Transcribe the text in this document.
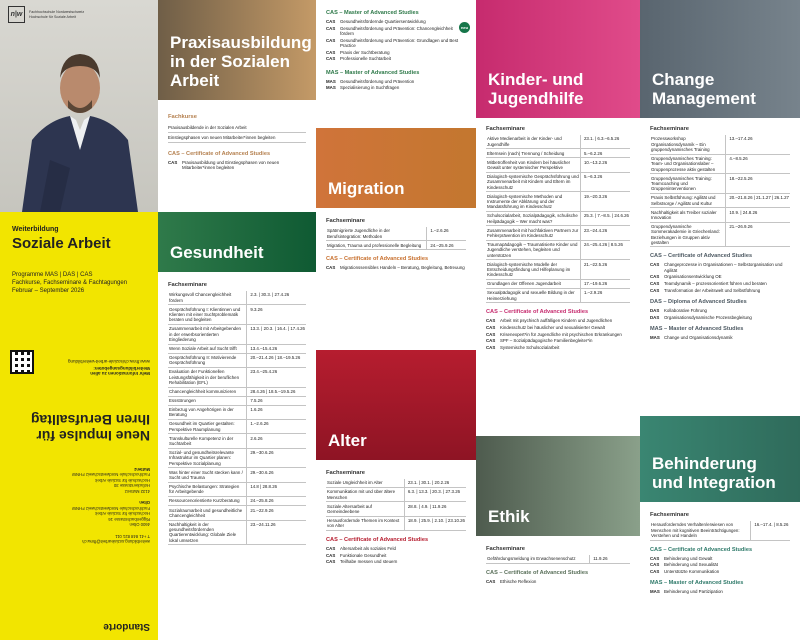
n|w	Fachhochschule Nordwestschweiz
Hochschule für Soziale Arbeit
Weiterbildung
Soziale Arbeit
Programme MAS | DAS | CAS
Fachkurse, Fachseminare & Fachtagungen
Februar – September 2026
Mehr Informationen zu allen Weiterbildungsangeboten:
www.fhnw.ch/soziale-arbeit-weiterbildung
Neue Impulse für
Ihren Berufsalltag
weiterbildung.sozialearbeit@fhnw.ch
T +41 848 821 011
4600 Olten
Riggenbachstrasse 16
Hochschule für Soziale Arbeit
Fachhochschule Nordwestschweiz FHNW
Olten
4132 Muttenz
Hofackerstrasse 30
Hochschule für Soziale Arbeit
Fachhochschule Nordwestschweiz FHNW
Muttenz
Standorte
Praxisausbildung in der Sozialen Arbeit
Fachkurse
Praxisausbildende in der Sozialen Arbeit
Einstiegsphasen von neuen Mitarbeiter*innen begleiten
CAS – Certificate of Advanced Studies
CAS	Praxisausbildung und Einstiegsphasen von neuen Mitarbeiter*innen begleiten
Gesundheit
Fachseminare
Wirkungsvoll Chancengleichheit fördern	2.3. | 30.3. | 27.4.26
Gesprächsführung I: Klientinnen und Klienten mit einer Suchtproblematik beraten und begleiten	9.3.26
Zusammenarbeit mit Arbeitgebenden in der erwerbsorientierten Eingliederung	13.3. | 20.3. | 16.4. | 17.4.26
Wenn Soziale Arbeit auf Sucht trifft	13.4.–15.4.26
Gesprächsführung II: Motivierende Gesprächsführung	20.–21.4.26 | 18.–19.5.26
Evaluation der Funktionellen Leistungsfähigkeit in der beruflichen Rehabilitation (EFL)	23.4.–25.4.26
Chancengleichheit kommunizieren	28.4.26 | 18.5.–19.5.26
Essstörungen	7.5.26
Einbezug von Angehörigen in der Beratung	1.6.26
Gesundheit im Quartier gestalten: Perspektive Raumplanung	1.–2.6.26
Transkulturelle Kompetenz in der Suchtarbeit	2.6.26
Sozial- und gesundheitsrelevante Infrastruktur im Quartier planen: Perspektive Sozialplanung	29.–30.6.26
Was hinter einer Sucht stecken kann / Sucht und Trauma	29.–30.6.26
Psychische Belastungen: Strategien für Arbeitgebende	14.8 | 28.8.26
Ressourcenorientierte Kurzberatung	24.–25.8.26
Sozialraumarbeit und gesundheitliche Chancengleichheit	21.–22.9.26
Nachhaltigkeit in der gesundheitsfördernden Quartierentwicklung: Globale Ziele lokal umsetzen	23.–24.11.26
CAS – Master of Advanced Studies
CAS	Gesundheitsfördernde Quartiersentwicklung
CAS	Gesundheitsförderung und Prävention: Chancengleichheit fördern
CAS	Gesundheitsförderung und Prävention: Grundlagen und Best Practice
CAS	Praxis der Suchtberatung
CAS	Professionelle Suchtarbeit
MAS – Master of Advanced Studies
MAS Gesundheitsförderung und Prävention
MAS Spezialisierung in Suchtfragen
neu
Migration
Fachseminare
Spätmigrierte Jugendliche in der Berufsintegration: Methoden	1.–2.6.26
Migration, Trauma und professionelle Begleitung	24.–25.9.26
CAS – Certificate of Advanced Studies
CAS	Migrationssensibles Handeln – Beratung, Begleitung, Betreuung
Alter
Fachseminare
Soziale Ungleichheit im Alter	23.1. | 30.1. | 20.2.26
Kommunikation mit und über ältere Menschen	6.3. | 13.3. | 20.3. | 27.3.26
Soziale Altersarbeit auf Gemeindeebene	28.8. | 4.9. | 11.9.26
Herausfordernde Themen im Kontext von Alter	18.9. | 25.9. | 2.10. | 23.10.26
CAS – Certificate of Advanced Studies
CAS	Altersarbeit als soziales Feld
CAS	Funktionale Gesundheit
CAS	Teilhabe messen und steuern
Kinder- und Jugendhilfe
Fachseminare
Aktive Medienarbeit in der Kinder- und Jugendhilfe	23.1. | 6.3.–6.5.26
Elternsein (nach) Trennung / Scheidung	5.–6.2.26
Mitbetroffenheit von Kindern bei häuslicher Gewalt unter systemischer Perspektive	10.–13.2.26
Dialogisch-systemische Gesprächsführung und Zusammenarbeit mit Kindern und Eltern im Kindesschutz	5.–6.3.26
Dialogisch-systemische Methoden und Instrumente der Abklärung und der Mandatsführung im Kindesschutz	19.–20.3.26
Schulsozialarbeit, Sozialpädagogik, schulische Heilpädagogik – Wer macht was?	25.3. | 7.–8.5. | 24.6.26
Zusammenarbeit mit hochfaktiven Partnern zur Fehlerprävention im Kindesschutz	23.–24.4.26
Traumapädagogik – Traumatisierte Kinder und Jugendliche verstehen, begleiten und unterstützen	24.–25.4.26 | 8.5.26
Dialogisch-systemische Modelle der Entscheidungsfindung und Hilfeplanung im Kindesschutz	21.–22.5.26
Grundlagen der Offenen Jugendarbeit	17.–19.6.26
Sexualpädagogik und sexuelle Bildung in der Heimerziehung	1.–2.9.26
CAS – Certificate of Advanced Studies
CAS	Arbeit mit psychisch auffälligen Kindern und Jugendlichen
CAS	Kindesschutz bei häuslicher und sexualisierter Gewalt
CAS	Krisenexpert*in für Jugendliche mit psychischen Erkrankungen
CAS	SPF – Sozialpädagogische Familienbegleiter*in
CAS	Systemische Schulsozialarbeit
Ethik
Fachseminare
Gefährdungsmeldung im Erwachsenenschutz	11.9.26
CAS – Certificate of Advanced Studies
CAS	Ethische Reflexion
Change Management
Fachseminare
Prozessworkshop Organisationsdynamik – Ein gruppendynamisches Training	13.–17.4.26
Gruppendynamisches Training: Team- und Organisationslaber – Gruppenprozesse aktiv gestalten	4.–8.5.26
Gruppendynamisches Training: Teamcoaching und Gruppeninterventionen	18.–22.5.26
Praxis Selbstführung: Agilität und Selbstsorge / Agilität und Kultur	20.–21.8.26 | 21.1.27 | 26.1.27
Nachhaltigkeit als Treiber sozialer Innovation	10.9. | 24.8.26
Gruppendynamische Sommerakademie in Griechenland: Beziehungen in Gruppen aktiv gestalten	21.–26.9.26
CAS – Certificate of Advanced Studies
CAS	Changeprozesse in Organisationen – Selbstorganisation und Agilität
CAS	Organisationsentwicklung OE
CAS	Teamdynamik – prozessorientiert führen und beraten
CAS	Transformation der Arbeitswelt und Selbstführung
DAS – Diploma of Advanced Studies
DAS	Kollaborative Führung
DAS	Organisationsdynamische Prozessbegleitung
MAS – Master of Advanced Studies
MAS Change und Organisationsdynamik
Behinderung und Integration
Fachseminare
Herausforderndes Verhalten/erwiesen von Menschen mit kognitiven Beeinträchtigungen: Verstehen und Handeln	16.–17.4. | 8.5.26
CAS – Certificate of Advanced Studies
CAS	Behinderung und Gewalt
CAS	Behinderung und Sexualität
CAS	Unterstützte Kommunikation
MAS – Master of Advanced Studies
MAS Behinderung und Partizipation
